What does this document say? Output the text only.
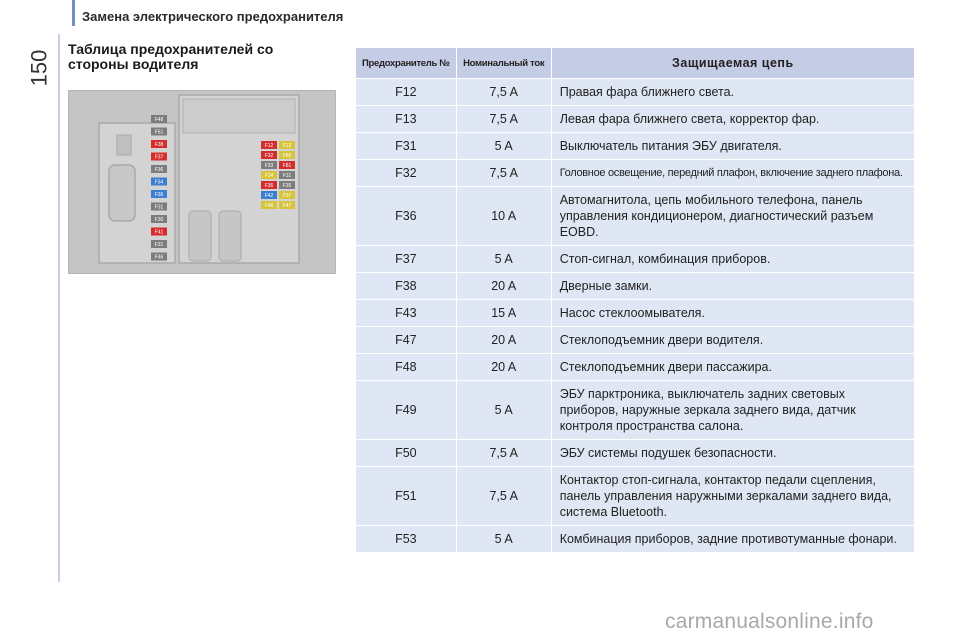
Замена электрического предохранителя
150
Таблица предохранителей со
стороны водителя
F48
F51
F38
F37
F36
F34
F36
F31
F30
F41
F31
F46
F12 F13
F32 F80
F33 F81
F34 F31
F36 F35
F42 F37
F46 F47
Предохранитель №	Номинальный ток	Защищаемая цепь
F12	7,5 A	Правая фара ближнего света.
F13	7,5 A	Левая фара ближнего света, корректор фар.
F31	5 A	Выключатель питания ЭБУ двигателя.
F32	7,5 A	Головное освещение, передний плафон, включение заднего плафона.
F36	10 A	Автомагнитола, цепь мобильного телефона, панель управления кондиционером, диагностический разъем EOBD.
F37	5 A	Стоп-сигнал, комбинация приборов.
F38	20 A	Дверные замки.
F43	15 A	Насос стеклоомывателя.
F47	20 A	Стеклоподъемник двери водителя.
F48	20 A	Стеклоподъемник двери пассажира.
F49	5 A	ЭБУ парктроника, выключатель задних световых приборов, наружные зеркала заднего вида, датчик контроля пространства салона.
F50	7,5 A	ЭБУ системы подушек безопасности.
F51	7,5 A	Контактор стоп-сигнала, контактор педали сцепления, панель управления наружными зеркалами заднего вида, система Bluetooth.
F53	5 A	Комбинация приборов, задние противотуманные фонари.
carmanualsonline.info
